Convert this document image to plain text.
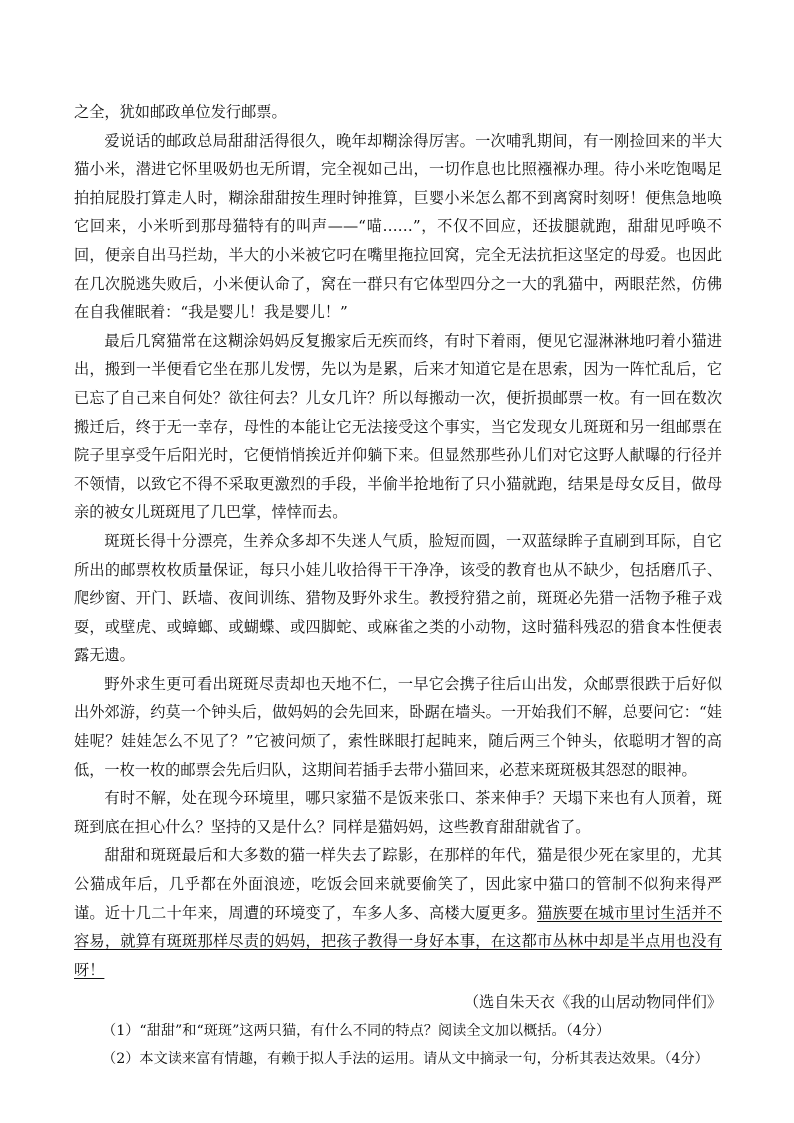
之全，犹如邮政单位发行邮票。

爱说话的邮政总局甜甜活得很久，晚年却糊涂得厉害。一次哺乳期间，有一刚捡回来的半大猫小米，潜进它怀里吸奶也无所谓，完全视如己出，一切作息也比照襁褓办理。待小米吃饱喝足拍拍屁股打算走人时，糊涂甜甜按生理时钟推算，巨婴小米怎么都不到离窝时刻呀！便焦急地唤它回来，小米听到那母猫特有的叫声——“喵……”，不仅不回应，还拔腿就跑，甜甜见呼唤不回，便亲自出马拦劫，半大的小米被它叼在嘴里拖拉回窝，完全无法抗拒这坚定的母爱。也因此在几次脱逃失败后，小米便认命了，窝在一群只有它体型四分之一大的乳猫中，两眼茫然，仿佛在自我催眠着：“我是婴儿！我是婴儿！”

最后几窝猫常在这糊涂妈妈反复搬家后无疾而终，有时下着雨，便见它湿淋淋地叼着小猫进出，搬到一半便看它坐在那儿发愣，先以为是累，后来才知道它是在思索，因为一阵忙乱后，它已忘了自己来自何处？欲往何去？儿女几许？所以每搬动一次，便折损邮票一枚。有一回在数次搬迁后，终于无一幸存，母性的本能让它无法接受这个事实，当它发现女儿斑斑和另一组邮票在院子里享受午后阳光时，它便悄悄挨近并仰躺下来。但显然那些孙儿们对它这野人献曝的行径并不领情，以致它不得不采取更激烈的手段，半偷半抢地衔了只小猫就跑，结果是母女反目，做母亲的被女儿斑斑甩了几巴掌，悻悻而去。

斑斑长得十分漂亮，生养众多却不失迷人气质，脸短而圆，一双蓝绿眸子直刷到耳际，自它所出的邮票枚枚质量保证，每只小娃儿收拾得干干净净，该受的教育也从不缺少，包括磨爪子、爬纱窗、开门、跃墙、夜间训练、猎物及野外求生。教授狩猎之前，斑斑必先猎一活物予稚子戏耍，或壁虎、或蟑螂、或蝴蝶、或四脚蛇、或麻雀之类的小动物，这时猫科残忍的猎食本性便表露无遗。

野外求生更可看出斑斑尽责却也天地不仁，一早它会携子往后山出发，众邮票很跌于后好似出外郊游，约莫一个钟头后，做妈妈的会先回来，卧踞在墙头。一开始我们不解，总要问它：“娃娃呢？娃娃怎么不见了？”它被问烦了，索性眯眼打起盹来，随后两三个钟头，依聪明才智的高低，一枚一枚的邮票会先后归队，这期间若插手去带小猫回来，必惹来斑斑极其怨怼的眼神。

有时不解，处在现今环境里，哪只家猫不是饭来张口、茶来伸手？天塌下来也有人顶着，斑斑到底在担心什么？坚持的又是什么？同样是猫妈妈，这些教育甜甜就省了。

甜甜和斑斑最后和大多数的猫一样失去了踪影，在那样的年代，猫是很少死在家里的，尤其公猫成年后，几乎都在外面浪迹，吃饭会回来就要偷笑了，因此家中猫口的管制不似狗来得严谨。近十几二十年来，周遭的环境变了，车多人多、高楼大厦更多。猫族要在城市里讨生活并不容易，就算有斑斑那样尽责的妈妈，把孩子教得一身好本事，在这都市丛林中却是半点用也没有呀！

（选自朱天衣《我的山居动物同伴们》

（1）“甜甜”和“斑斑”这两只猫，有什么不同的特点？阅读全文加以概括。（4分）

（2）本文读来富有情趣，有赖于拟人手法的运用。请从文中摘录一句，分析其表达效果。（4分）
